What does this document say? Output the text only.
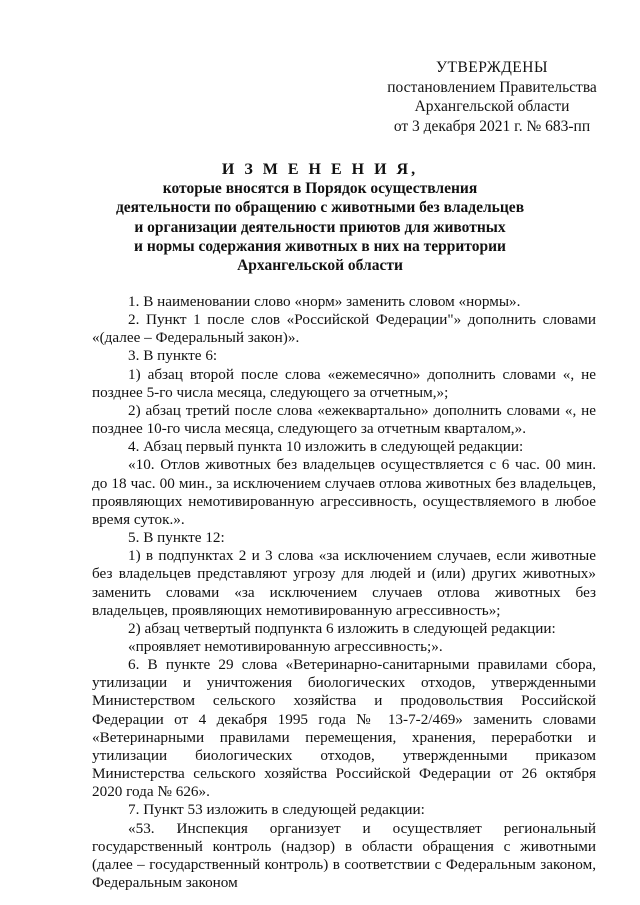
УТВЕРЖДЕНЫ
постановлением Правительства
Архангельской области
от 3 декабря 2021 г. № 683-пп
И З М Е Н Е Н И Я,
которые вносятся в Порядок осуществления
деятельности по обращению с животными без владельцев
и организации деятельности приютов для животных
и нормы содержания животных в них на территории
Архангельской области

1. В наименовании слово «норм» заменить словом «нормы».

2. Пункт 1 после слов «Российской Федерации"» дополнить словами «(далее – Федеральный закон)».

3. В пункте 6:

1) абзац второй после слова «ежемесячно» дополнить словами «, не позднее 5-го числа месяца, следующего за отчетным,»;

2) абзац третий после слова «ежеквартально» дополнить словами «, не позднее 10-го числа месяца, следующего за отчетным кварталом,».

4. Абзац первый пункта 10 изложить в следующей редакции:

«10. Отлов животных без владельцев осуществляется с 6 час. 00 мин. до 18 час. 00 мин., за исключением случаев отлова животных без владельцев, проявляющих немотивированную агрессивность, осуществляемого в любое время суток.».

5. В пункте 12:

1) в подпунктах 2 и 3 слова «за исключением случаев, если животные без владельцев представляют угрозу для людей и (или) других животных» заменить словами «за исключением случаев отлова животных без владельцев, проявляющих немотивированную агрессивность»;

2) абзац четвертый подпункта 6 изложить в следующей редакции:

«проявляет немотивированную агрессивность;».

6. В пункте 29 слова «Ветеринарно-санитарными правилами сбора, утилизации и уничтожения биологических отходов, утвержденными Министерством сельского хозяйства и продовольствия Российской Федерации от 4 декабря 1995 года № 13-7-2/469» заменить словами «Ветеринарными правилами перемещения, хранения, переработки и утилизации биологических отходов, утвержденными приказом Министерства сельского хозяйства Российской Федерации от 26 октября 2020 года № 626».

7. Пункт 53 изложить в следующей редакции:

«53. Инспекция организует и осуществляет региональный государственный контроль (надзор) в области обращения с животными (далее – государственный контроль) в соответствии с Федеральным законом, Федеральным законом
